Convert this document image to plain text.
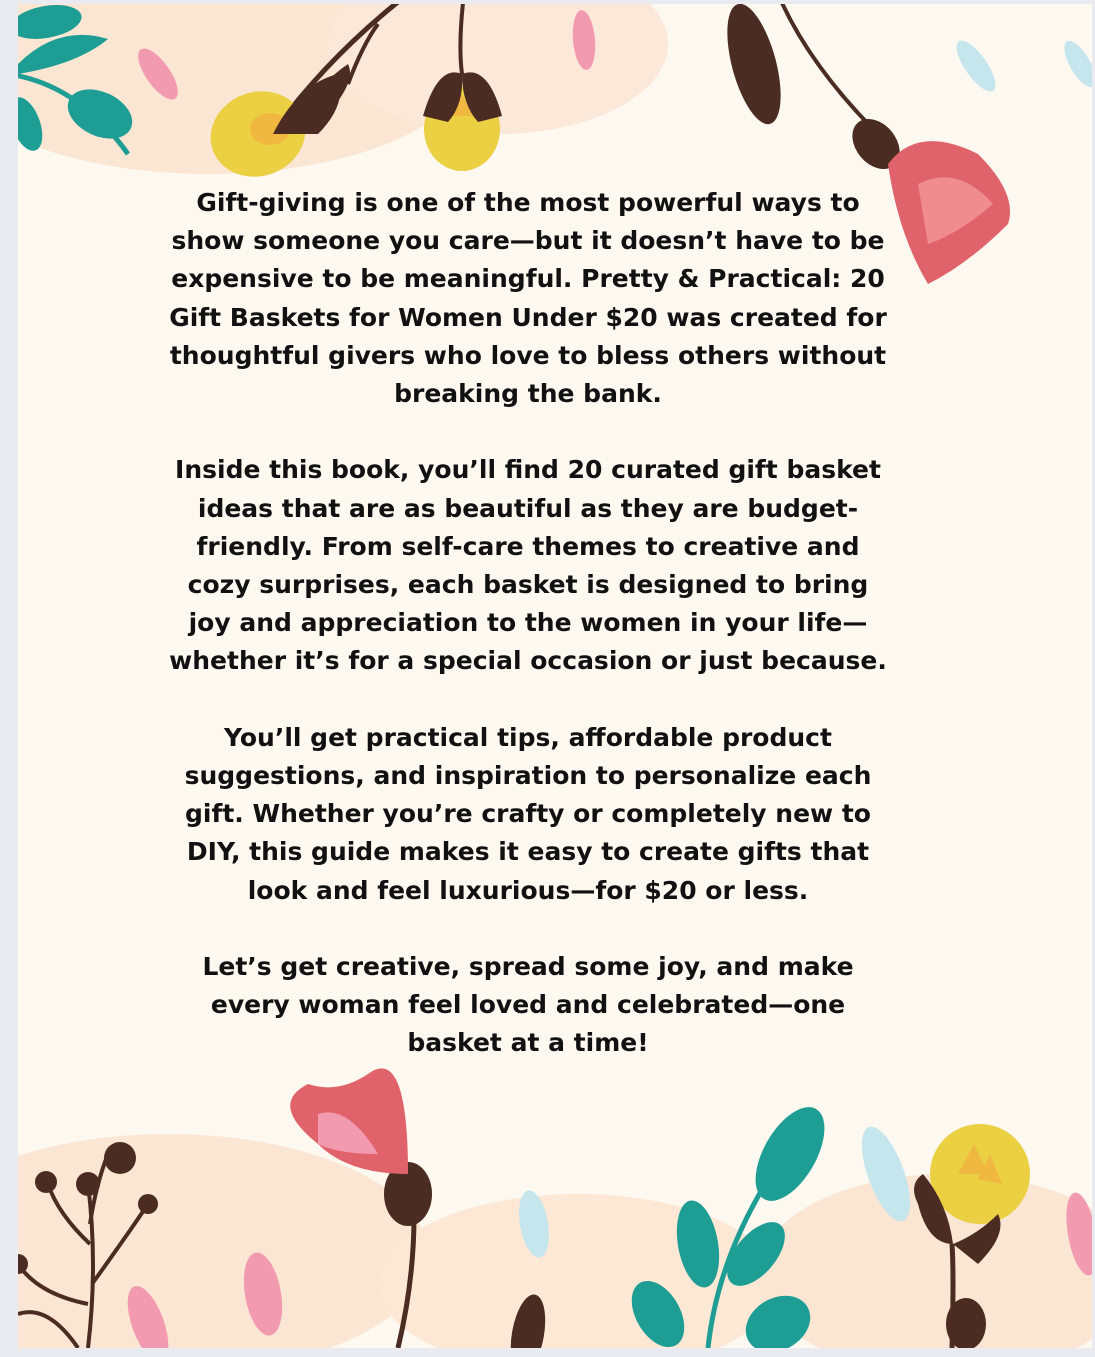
Gift-giving is one of the most powerful ways to show someone you care—but it doesn’t have to be expensive to be meaningful. Pretty & Practical: 20 Gift Baskets for Women Under $20 was created for thoughtful givers who love to bless others without breaking the bank.

Inside this book, you’ll find 20 curated gift basket ideas that are as beautiful as they are budget-friendly. From self-care themes to creative and cozy surprises, each basket is designed to bring joy and appreciation to the women in your life—whether it’s for a special occasion or just because.

You’ll get practical tips, affordable product suggestions, and inspiration to personalize each gift. Whether you’re crafty or completely new to DIY, this guide makes it easy to create gifts that look and feel luxurious—for $20 or less.

Let’s get creative, spread some joy, and make every woman feel loved and celebrated—one basket at a time!
